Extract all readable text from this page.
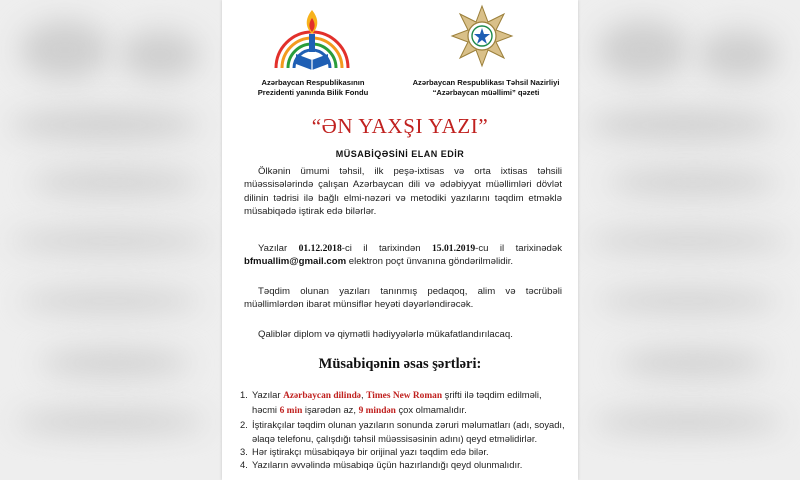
Azərbaycan Respublikasının
Prezidenti yanında Bilik Fondu
Azərbaycan Respublikası Təhsil Nazirliyi
“Azərbaycan müəllimi” qəzeti
“ƏN YAXŞI YAZI”
MÜSABİQƏSİNİ ELAN EDİR
Ölkənin ümumi təhsil, ilk peşə-ixtisas və orta ixtisas təhsili müəssisələrində çalışan Azərbaycan dili və ədəbiyyat müəllimləri dövlət dilinin tədrisi ilə bağlı elmi-nəzəri və metodiki yazılarını təqdim etməklə müsabiqədə iştirak edə bilərlər.
Yazılar 01.12.2018-ci il tarixindən 15.01.2019-cu il tarixinədək bfmuallim@gmail.com elektron poçt ünvanına göndərilməlidir.
Təqdim olunan yazıları tanınmış pedaqoq, alim və təcrübəli müəllimlərdən ibarət münsiflər heyəti dəyərləndirəcək.
Qaliblər diplom və qiymətli hədiyyələrlə mükafatlandırılacaq.
Müsabiqənin əsas şərtləri:
1. Yazılar Azərbaycan dilində, Times New Roman şrifti ilə təqdim edilməli, həcmi 6 min işarədən az, 9 mindən çox olmamalıdır.
2. İştirakçılar təqdim olunan yazıların sonunda zəruri məlumatları (adı, soyadı, əlaqə telefonu, çalışdığı təhsil müəssisəsinin adını) qeyd etməlidirlər.
3. Hər iştirakçı müsabiqəyə bir orijinal yazı təqdim edə bilər.
4. Yazıların əvvəlində müsabiqə üçün hazırlandığı qeyd olunmalıdır.
